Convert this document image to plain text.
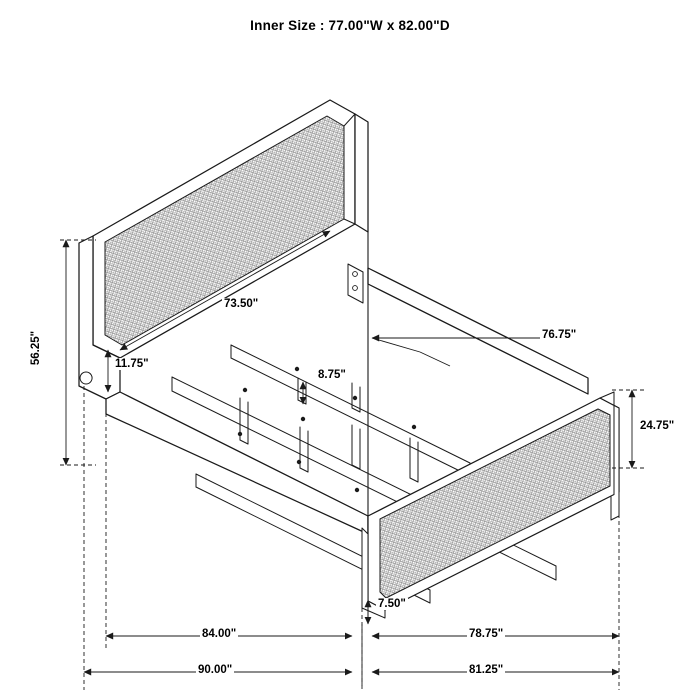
Inner Size : 77.00"W x 82.00"D
73.50"
56.25"	11.75"
8.75"
76.75"
24.75"
7.50"
84.00"	78.75"
90.00"	81.25"
